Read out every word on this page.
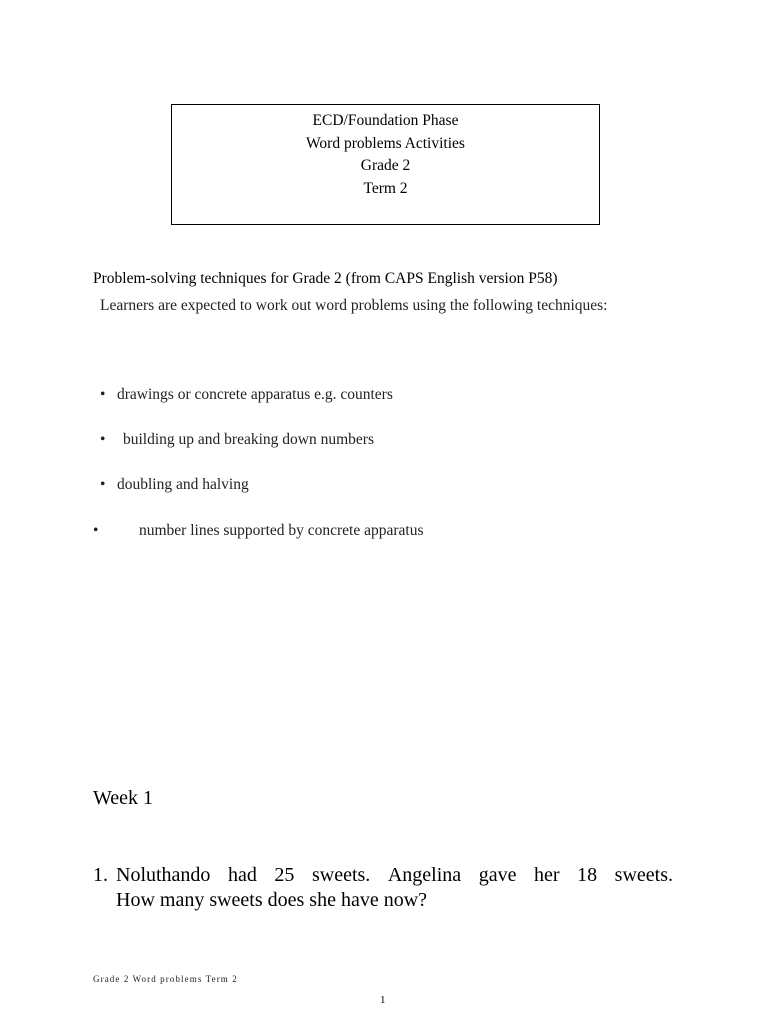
ECD/Foundation Phase
Word problems Activities
Grade 2
Term 2
Problem-solving techniques for Grade 2 (from CAPS English version P58)
Learners are expected to work out word problems using the following techniques:
• drawings or concrete apparatus e.g. counters
• building up and breaking down numbers
• doubling and halving
•	number lines supported by concrete apparatus
Week 1
1. Noluthando had 25 sweets. Angelina gave her 18 sweets.
How many sweets does she have now?
Grade 2 Word problems Term 2
1
